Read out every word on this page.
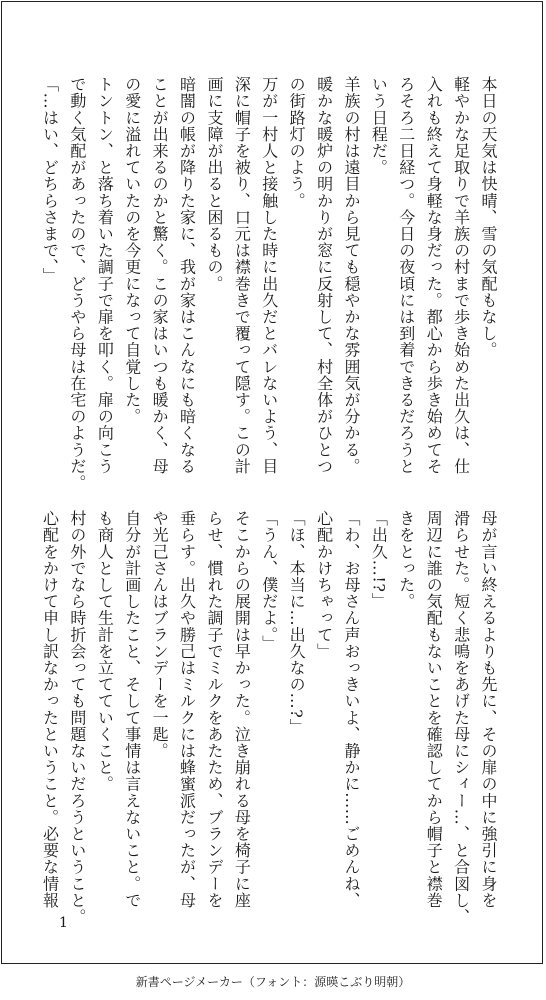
本日の天気は快晴、雪の気配もなし。

軽やかな足取りで羊族の村まで歩き始めた出久は、仕

入れも終えて身軽な身だった。都心から歩き始めてそ

ろそろ二日経つ。今日の夜頃には到着できるだろうと

いう日程だ。

羊族の村は遠目から見ても穏やかな雰囲気が分かる。

暖かな暖炉の明かりが窓に反射して、村全体がひとつ

の街路灯のよう。

万が一村人と接触した時に出久だとバレないよう、目

深に帽子を被り、口元は襟巻きで覆って隠す。この計

画に支障が出ると困るもの。

暗闇の帳が降りた家に、我が家はこんなにも暗くなる

ことが出来るのかと驚く。この家はいつも暖かく、母

の愛に溢れていたのを今更になって自覚した。

トントン、と落ち着いた調子で扉を叩く。扉の向こう

で動く気配があったので、どうやら母は在宅のようだ。

「…はい、どちらさまで、」

母が言い終えるよりも先に、その扉の中に強引に身を

滑らせた。短く悲鳴をあげた母にシィー…、と合図し、

周辺に誰の気配もないことを確認してから帽子と襟巻

きをとった。

「出久…!?」

「わ、お母さん声おっきいよ、静かに……ごめんね、

心配かけちゃって」

「ほ、本当に…出久なの…?」

「うん、僕だよ。」

そこからの展開は早かった。泣き崩れる母を椅子に座

らせ、慣れた調子でミルクをあたため、ブランデーを

垂らす。出久や勝己はミルクには蜂蜜派だったが、母

や光己さんはブランデーを一匙。

自分が計画したこと、そして事情は言えないこと。で

も商人として生計を立てていくこと。

村の外でなら時折会っても問題ないだろうということ。

心配をかけて申し訳なかったということ。必要な情報

1
新書ページメーカー（フォント：源暎こぶり明朝）
